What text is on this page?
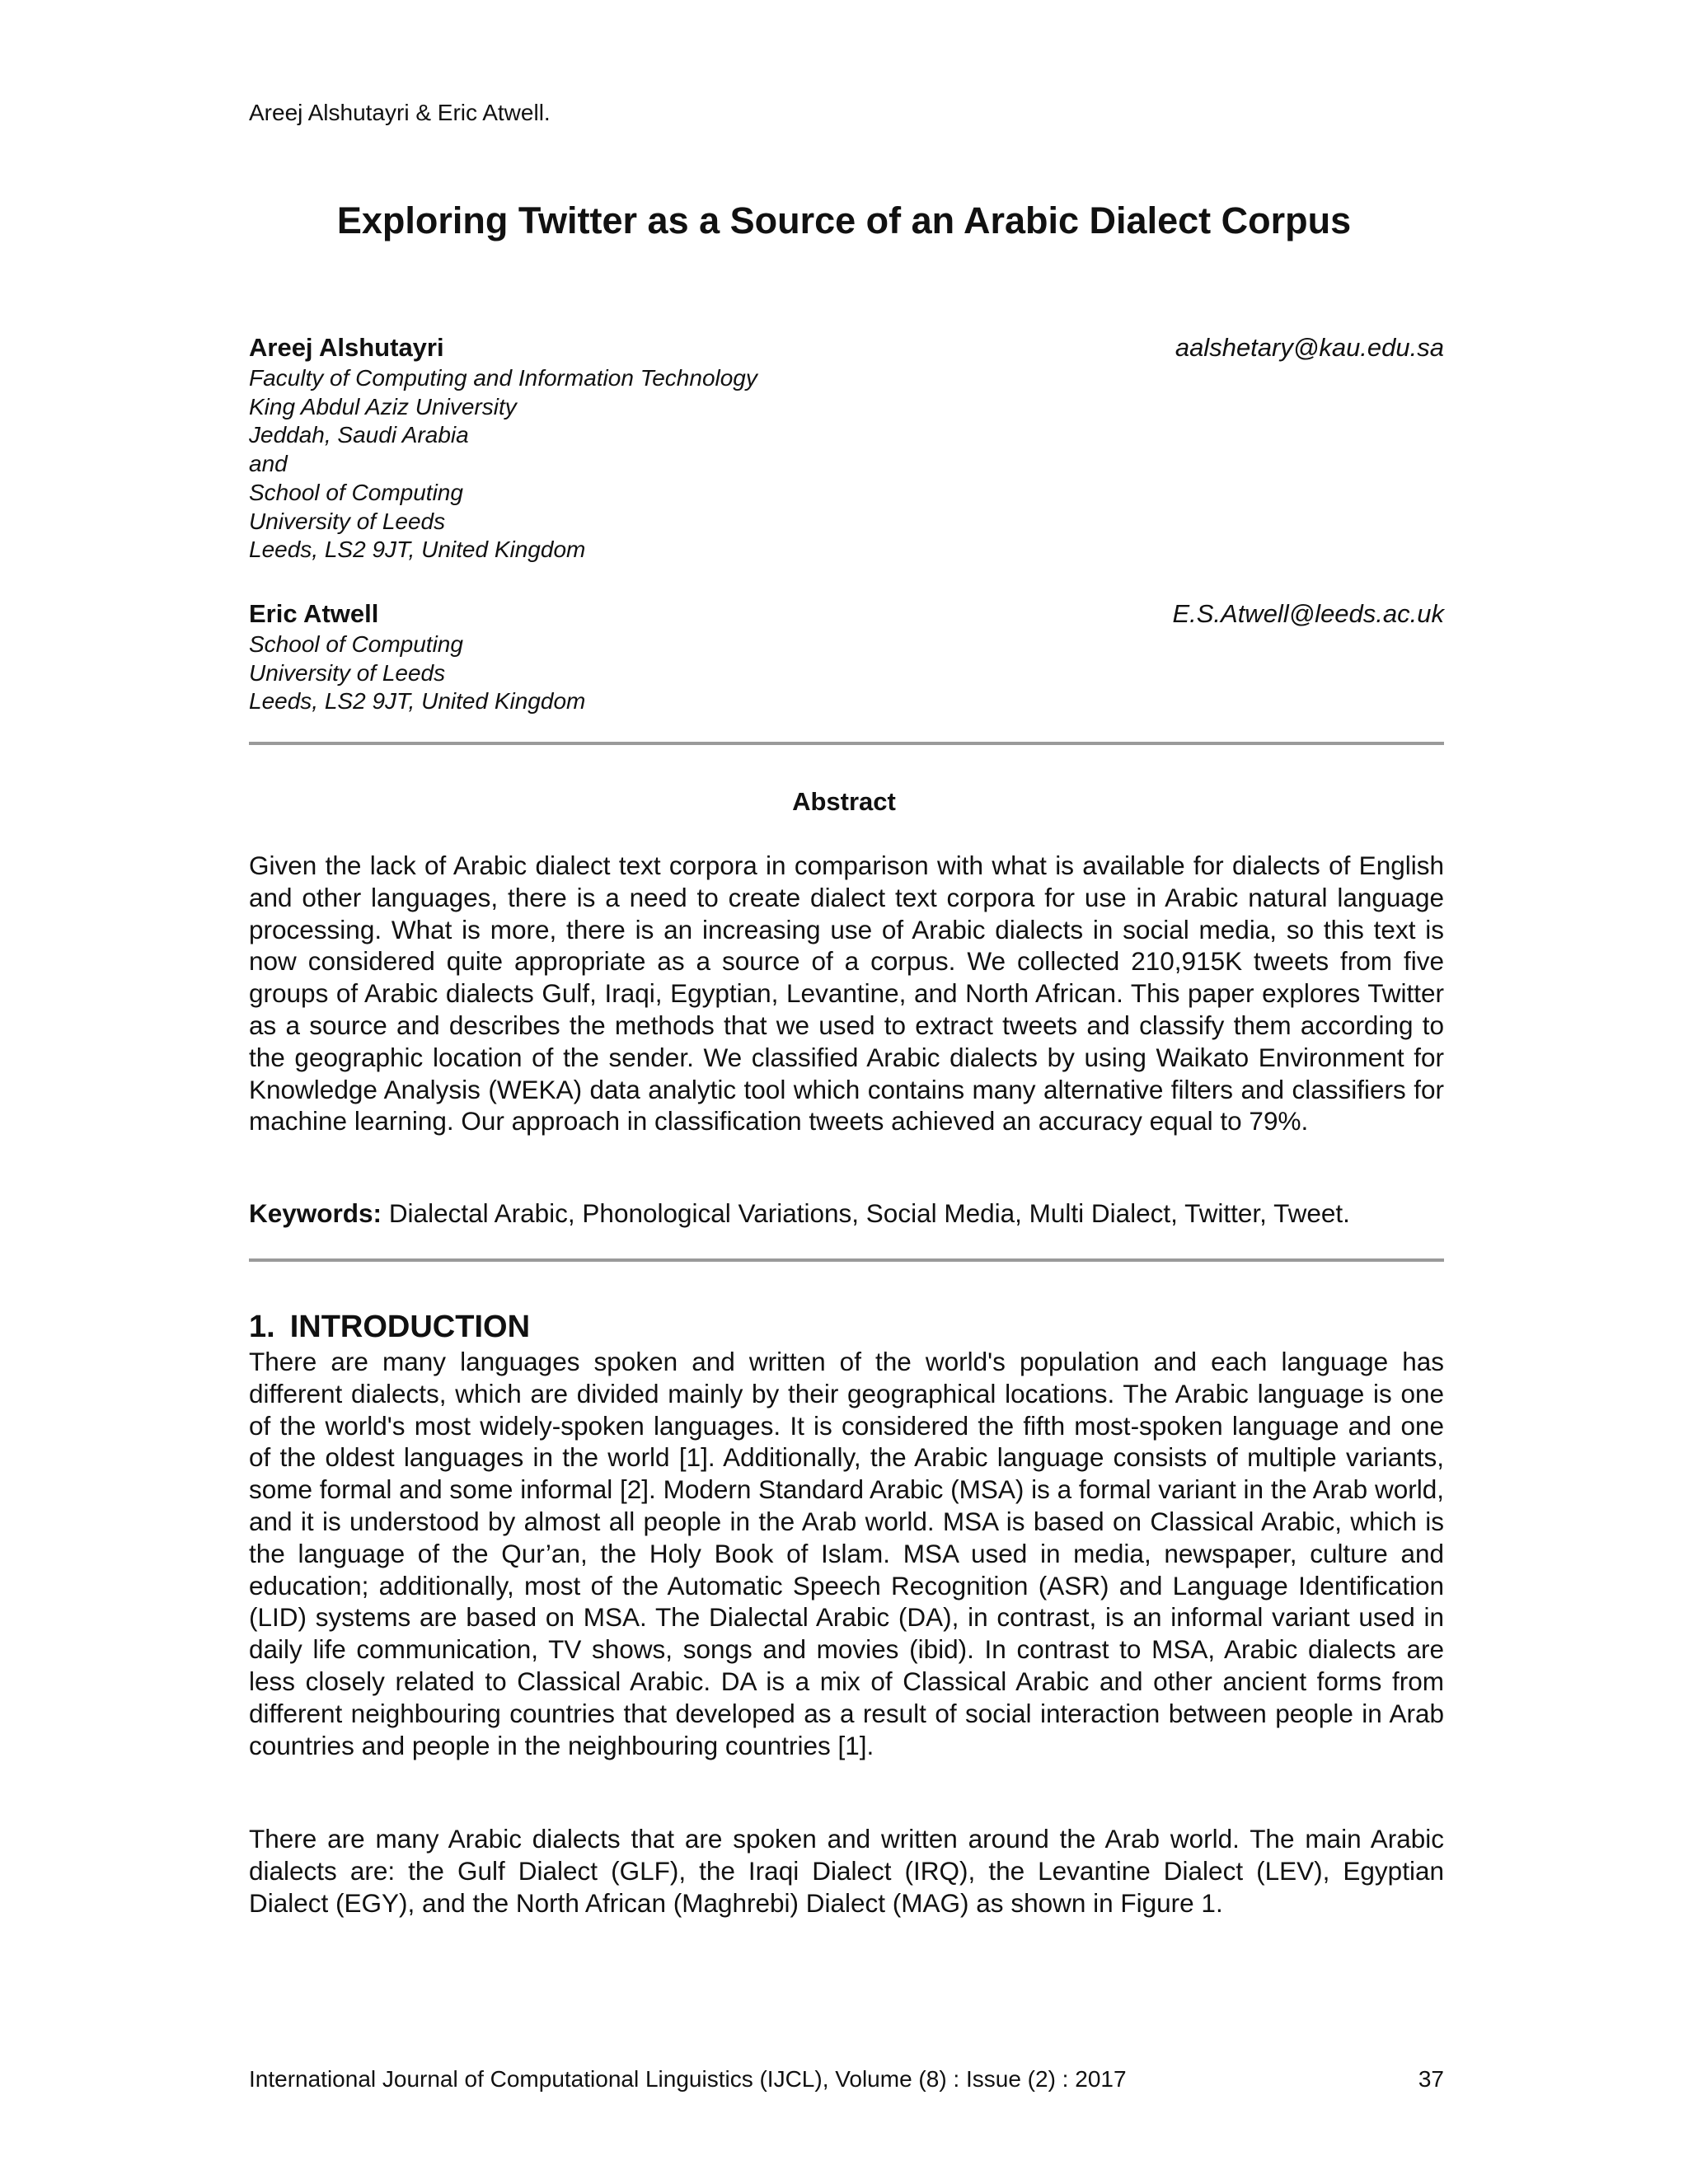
Areej Alshutayri & Eric Atwell.
Exploring Twitter as a Source of an Arabic Dialect Corpus
Areej Alshutayri	aalshetary@kau.edu.sa
Faculty of Computing and Information Technology
King Abdul Aziz University
Jeddah, Saudi Arabia
and
School of Computing
University of Leeds
Leeds, LS2 9JT, United Kingdom
Eric Atwell	E.S.Atwell@leeds.ac.uk
School of Computing
University of Leeds
Leeds, LS2 9JT, United Kingdom
Abstract
Given the lack of Arabic dialect text corpora in comparison with what is available for dialects of English and other languages, there is a need to create dialect text corpora for use in Arabic natural language processing. What is more, there is an increasing use of Arabic dialects in social media, so this text is now considered quite appropriate as a source of a corpus. We collected 210,915K tweets from five groups of Arabic dialects Gulf, Iraqi, Egyptian, Levantine, and North African. This paper explores Twitter as a source and describes the methods that we used to extract tweets and classify them according to the geographic location of the sender. We classified Arabic dialects by using Waikato Environment for Knowledge Analysis (WEKA) data analytic tool which contains many alternative filters and classifiers for machine learning. Our approach in classification tweets achieved an accuracy equal to 79%.
Keywords: Dialectal Arabic, Phonological Variations, Social Media, Multi Dialect, Twitter, Tweet.
1. INTRODUCTION
There are many languages spoken and written of the world's population and each language has different dialects, which are divided mainly by their geographical locations. The Arabic language is one of the world's most widely-spoken languages. It is considered the fifth most-spoken language and one of the oldest languages in the world [1]. Additionally, the Arabic language consists of multiple variants, some formal and some informal [2]. Modern Standard Arabic (MSA) is a formal variant in the Arab world, and it is understood by almost all people in the Arab world. MSA is based on Classical Arabic, which is the language of the Qur’an, the Holy Book of Islam. MSA used in media, newspaper, culture and education; additionally, most of the Automatic Speech Recognition (ASR) and Language Identification (LID) systems are based on MSA. The Dialectal Arabic (DA), in contrast, is an informal variant used in daily life communication, TV shows, songs and movies (ibid). In contrast to MSA, Arabic dialects are less closely related to Classical Arabic. DA is a mix of Classical Arabic and other ancient forms from different neighbouring countries that developed as a result of social interaction between people in Arab countries and people in the neighbouring countries [1].
There are many Arabic dialects that are spoken and written around the Arab world. The main Arabic dialects are: the Gulf Dialect (GLF), the Iraqi Dialect (IRQ), the Levantine Dialect (LEV), Egyptian Dialect (EGY), and the North African (Maghrebi) Dialect (MAG) as shown in Figure 1.
International Journal of Computational Linguistics (IJCL), Volume (8) : Issue (2) : 2017	37
